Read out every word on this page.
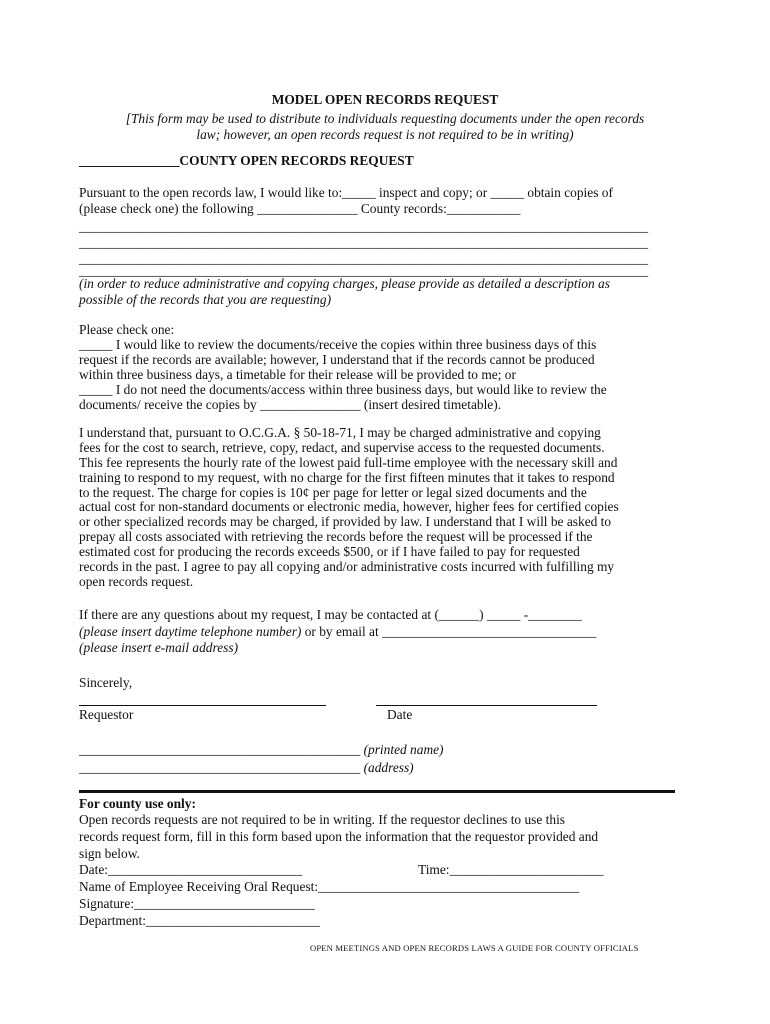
MODEL OPEN RECORDS REQUEST
[This form may be used to distribute to individuals requesting documents under the open records
law; however, an open records request is not required to be in writing)
_______________COUNTY OPEN RECORDS REQUEST
Pursuant to the open records law, I would like to:_____ inspect and copy; or _____ obtain copies of
(please check one) the following _______________ County records:___________
_____________________________________________________________________________________
_____________________________________________________________________________________
_____________________________________________________________________________________
_____________________________________________________________________________________
(in order to reduce administrative and copying charges, please provide as detailed a description as
possible of the records that you are requesting)
Please check one:
_____ I would like to review the documents/receive the copies within three business days of this
request if the records are available; however, I understand that if the records cannot be produced
within three business days, a timetable for their release will be provided to me; or
_____ I do not need the documents/access within three business days, but would like to review the
documents/ receive the copies by _______________ (insert desired timetable).
I understand that, pursuant to O.C.G.A. § 50-18-71, I may be charged administrative and copying
fees for the cost to search, retrieve, copy, redact, and supervise access to the requested documents.
This fee represents the hourly rate of the lowest paid full-time employee with the necessary skill and
training to respond to my request, with no charge for the first fifteen minutes that it takes to respond
to the request. The charge for copies is 10¢ per page for letter or legal sized documents and the
actual cost for non-standard documents or electronic media, however, higher fees for certified copies
or other specialized records may be charged, if provided by law. I understand that I will be asked to
prepay all costs associated with retrieving the records before the request will be processed if the
estimated cost for producing the records exceeds $500, or if I have failed to pay for requested
records in the past. I agree to pay all copying and/or administrative costs incurred with fulfilling my
open records request.
If there are any questions about my request, I may be contacted at (______) _____ -________
(please insert daytime telephone number) or by email at ________________________________
(please insert e-mail address)
Sincerely,
Requestor	Date
__________________________________________ (printed name)
__________________________________________ (address)
For county use only:
Open records requests are not required to be in writing. If the requestor declines to use this
records request form, fill in this form based upon the information that the requestor provided and
sign below.
Date:_____________________________	Time:_______________________
Name of Employee Receiving Oral Request:_______________________________________
Signature:___________________________
Department:__________________________
OPEN MEETINGS AND OPEN RECORDS LAWS A GUIDE FOR COUNTY OFFICIALS
